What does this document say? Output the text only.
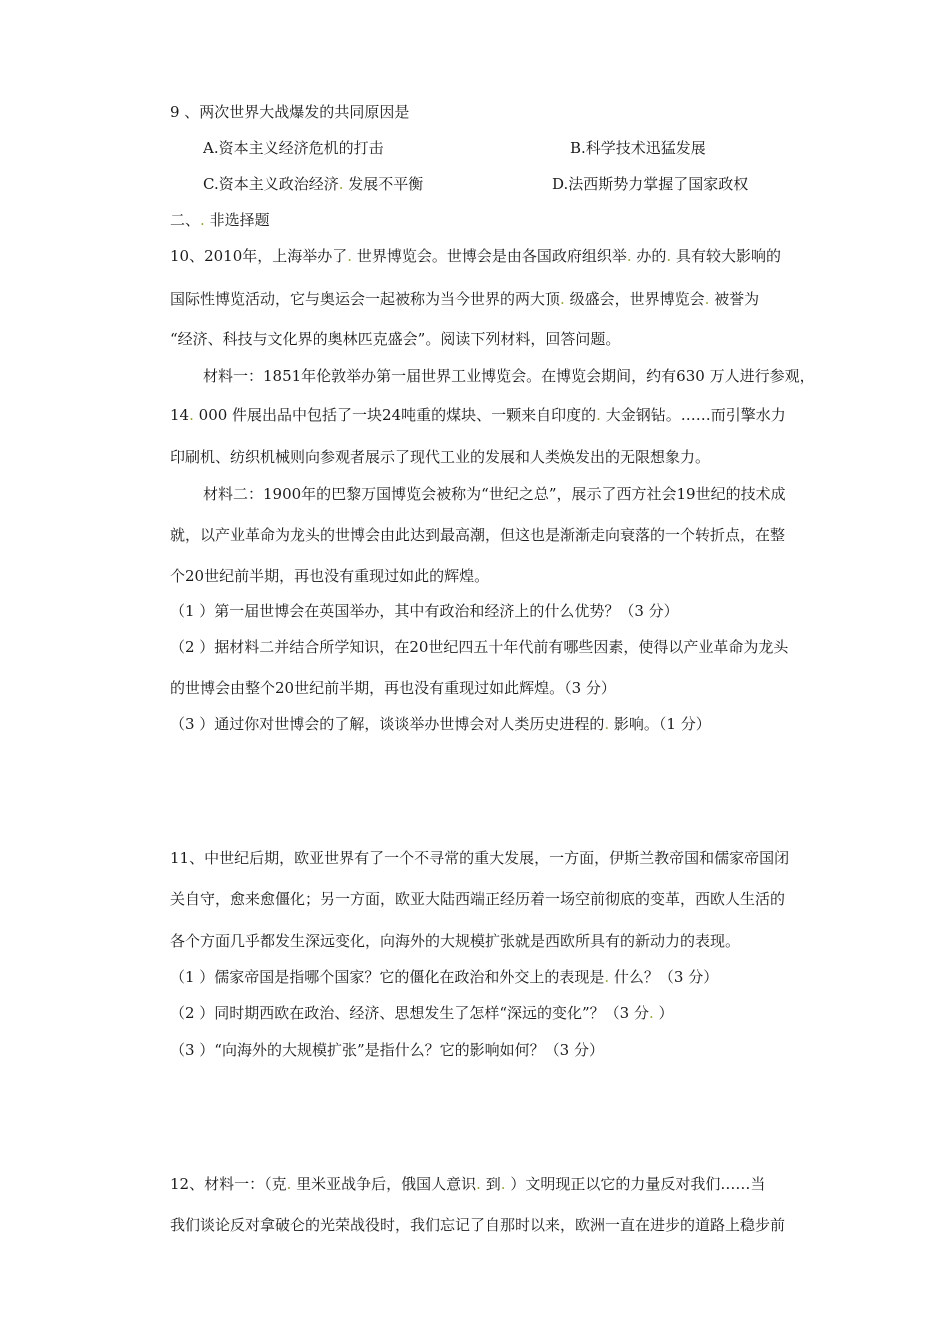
9 、两次世界大战爆发的共同原因是
A.资本主义经济危机的打击	B.科学技术迅猛发展
C.资本主义政治经济. 发展不平衡	D.法西斯势力掌握了国家政权
二、. 非选择题
10、2010年，上海举办了. 世界博览会。世博会是由各国政府组织举. 办的. 具有较大影响的
国际性博览活动，它与奥运会一起被称为当今世界的两大顶. 级盛会，世界博览会. 被誉为
“经济、科技与文化界的奥林匹克盛会”。阅读下列材料，回答问题。
材料一：1851年伦敦举办第一届世界工业博览会。在博览会期间，约有630 万人进行参观，
14. 000 件展出品中包括了一块24吨重的煤块、一颗来自印度的. 大金钢钻。……而引擎水力
印刷机、纺织机械则向参观者展示了现代工业的发展和人类焕发出的无限想象力。
材料二：1900年的巴黎万国博览会被称为“世纪之总”，展示了西方社会19世纪的技术成
就，以产业革命为龙头的世博会由此达到最高潮，但这也是渐渐走向衰落的一个转折点，在整
个20世纪前半期，再也没有重现过如此的辉煌。
（1 ）第一届世博会在英国举办，其中有政治和经济上的什么优势？（3 分）
（2 ）据材料二并结合所学知识，在20世纪四五十年代前有哪些因素，使得以产业革命为龙头
的世博会由整个20世纪前半期，再也没有重现过如此辉煌。（3 分）
（3 ）通过你对世博会的了解，谈谈举办世博会对人类历史进程的. 影响。（1 分）
11、中世纪后期，欧亚世界有了一个不寻常的重大发展，一方面，伊斯兰教帝国和儒家帝国闭
关自守，愈来愈僵化；另一方面，欧亚大陆西端正经历着一场空前彻底的变革，西欧人生活的
各个方面几乎都发生深远变化，向海外的大规模扩张就是西欧所具有的新动力的表现。
（1 ）儒家帝国是指哪个国家？它的僵化在政治和外交上的表现是. 什么？（3 分）
（2 ）同时期西欧在政治、经济、思想发生了怎样“深远的变化”？（3 分. ）
（3 ）“向海外的大规模扩张”是指什么？它的影响如何？（3 分）
12、材料一：（克. 里米亚战争后，俄国人意识. 到. ）文明现正以它的力量反对我们……当
我们谈论反对拿破仑的光荣战役时，我们忘记了自那时以来，欧洲一直在进步的道路上稳步前
